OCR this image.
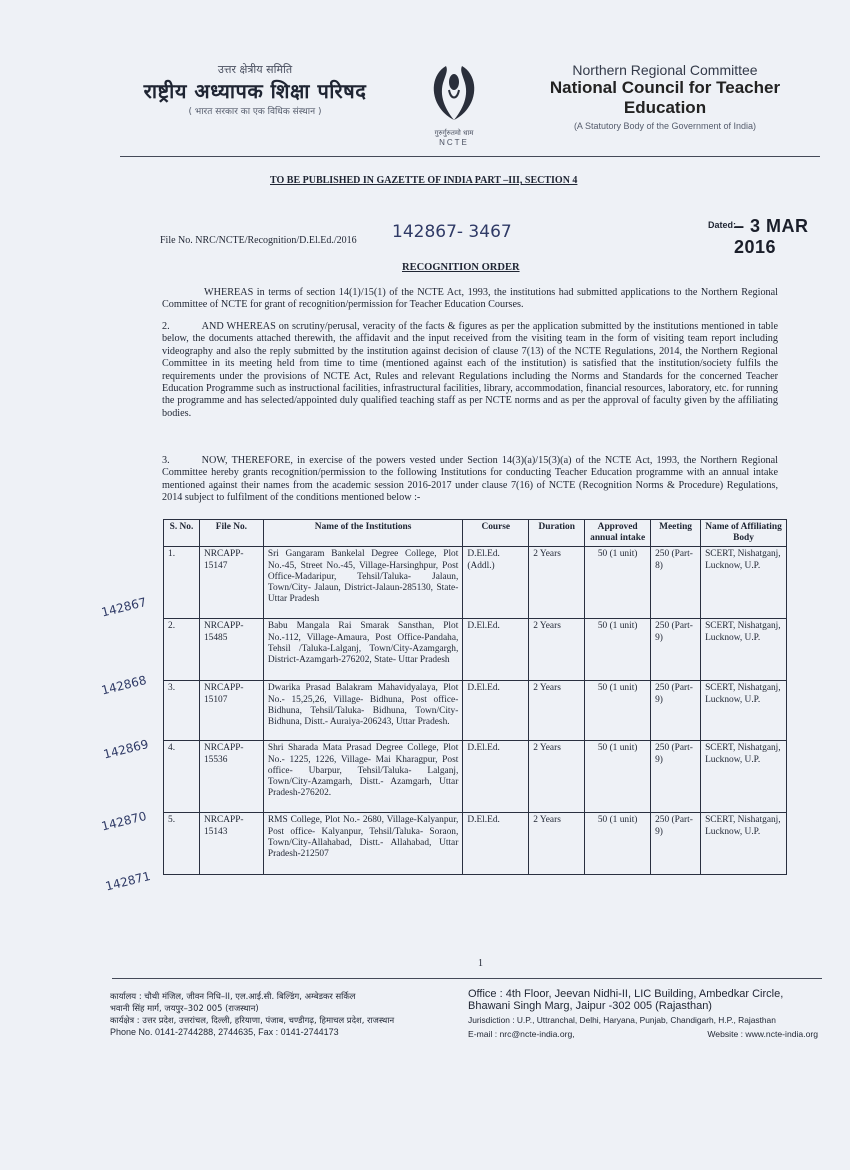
उत्तर क्षेत्रीय समिति
राष्ट्रीय अध्यापक शिक्षा परिषद
( भारत सरकार का एक विधिक संस्थान )
गुरुर्गुरुतमो धाम
NCTE
Northern Regional Committee
National Council for Teacher Education
(A Statutory Body of the Government of India)
TO BE PUBLISHED IN GAZETTE OF INDIA PART –III, SECTION 4
File No. NRC/NCTE/Recognition/D.El.Ed./2016 142867- 3467	Dated:
– 3 MAR 2016
RECOGNITION ORDER
WHEREAS in terms of section 14(1)/15(1) of the NCTE Act, 1993, the institutions had submitted applications to the Northern Regional Committee of NCTE for grant of recognition/permission for Teacher Education Courses.
2.	AND WHEREAS on scrutiny/perusal, veracity of the facts & figures as per the application submitted by the institutions mentioned in table below, the documents attached therewith, the affidavit and the input received from the visiting team in the form of visiting team report including videography and also the reply submitted by the institution against decision of clause 7(13) of the NCTE Regulations, 2014, the Northern Regional Committee in its meeting held from time to time (mentioned against each of the institution) is satisfied that the institution/society fulfils the requirements under the provisions of NCTE Act, Rules and relevant Regulations including the Norms and Standards for the concerned Teacher Education Programme such as instructional facilities, infrastructural facilities, library, accommodation, financial resources, laboratory, etc. for running the programme and has selected/appointed duly qualified teaching staff as per NCTE norms and as per the approval of faculty given by the affiliating bodies.
3.	NOW, THEREFORE, in exercise of the powers vested under Section 14(3)(a)/15(3)(a) of the NCTE Act, 1993, the Northern Regional Committee hereby grants recognition/permission to the following Institutions for conducting Teacher Education programme with an annual intake mentioned against their names from the academic session 2016-2017 under clause 7(16) of NCTE (Recognition Norms & Procedure) Regulations, 2014 subject to fulfilment of the conditions mentioned below :-
S. No.	File No.	Name of the Institutions	Course	Duration	Approved annual intake	Meeting	Name of Affiliating Body
1.	NRCAPP-15147	Sri Gangaram Bankelal Degree College, Plot No.-45, Street No.-45, Village-Harsinghpur, Post Office-Madaripur, Tehsil/Taluka- Jalaun, Town/City- Jalaun, District-Jalaun-285130, State- Uttar Pradesh	D.El.Ed. (Addl.)	2 Years	50 (1 unit)	250 (Part-8)	SCERT, Nishatganj, Lucknow, U.P.
2.	NRCAPP-15485	Babu Mangala Rai Smarak Sansthan, Plot No.-112, Village-Amaura, Post Office-Pandaha, Tehsil /Taluka-Lalganj, Town/City-Azamgargh, District-Azamgarh-276202, State- Uttar Pradesh	D.El.Ed.	2 Years	50 (1 unit)	250 (Part-9)	SCERT, Nishatganj, Lucknow, U.P.
3.	NRCAPP-15107	Dwarika Prasad Balakram Mahavidyalaya, Plot No.- 15,25,26, Village- Bidhuna, Post office- Bidhuna, Tehsil/Taluka- Bidhuna, Town/City- Bidhuna, Distt.- Auraiya-206243, Uttar Pradesh.	D.El.Ed.	2 Years	50 (1 unit)	250 (Part-9)	SCERT, Nishatganj, Lucknow, U.P.
4.	NRCAPP-15536	Shri Sharada Mata Prasad Degree College, Plot No.- 1225, 1226, Village- Mai Kharagpur, Post office- Ubarpur, Tehsil/Taluka- Lalganj, Town/City-Azamgarh, Distt.- Azamgarh, Uttar Pradesh-276202.	D.El.Ed.	2 Years	50 (1 unit)	250 (Part-9)	SCERT, Nishatganj, Lucknow, U.P.
5.	NRCAPP-15143	RMS College, Plot No.- 2680, Village-Kalyanpur, Post office- Kalyanpur, Tehsil/Taluka- Soraon, Town/City-Allahabad, Distt.- Allahabad, Uttar Pradesh-212507	D.El.Ed.	2 Years	50 (1 unit)	250 (Part-9)	SCERT, Nishatganj, Lucknow, U.P.
142867
142868
142869
142870
142871
1
कार्यालय : चौथी मंजिल, जीवन निधि–II, एल.आई.सी. बिल्डिंग, अम्बेडकर सर्किल
भवानी सिंह मार्ग, जयपुर–302 005 (राजस्थान)
कार्यक्षेत्र : उत्तर प्रदेश, उत्तरांचल, दिल्ली, हरियाणा, पंजाब, चण्डीगढ़, हिमाचल प्रदेश, राजस्थान
Phone No. 0141-2744288, 2744635, Fax : 0141-2744173
Office : 4th Floor, Jeevan Nidhi-II, LIC Building, Ambedkar Circle,
Bhawani Singh Marg, Jaipur -302 005 (Rajasthan)
Jurisdiction : U.P., Uttranchal, Delhi, Haryana, Punjab, Chandigarh, H.P., Rajasthan
E-mail : nrc@ncte-india.org,	Website : www.ncte-india.org
